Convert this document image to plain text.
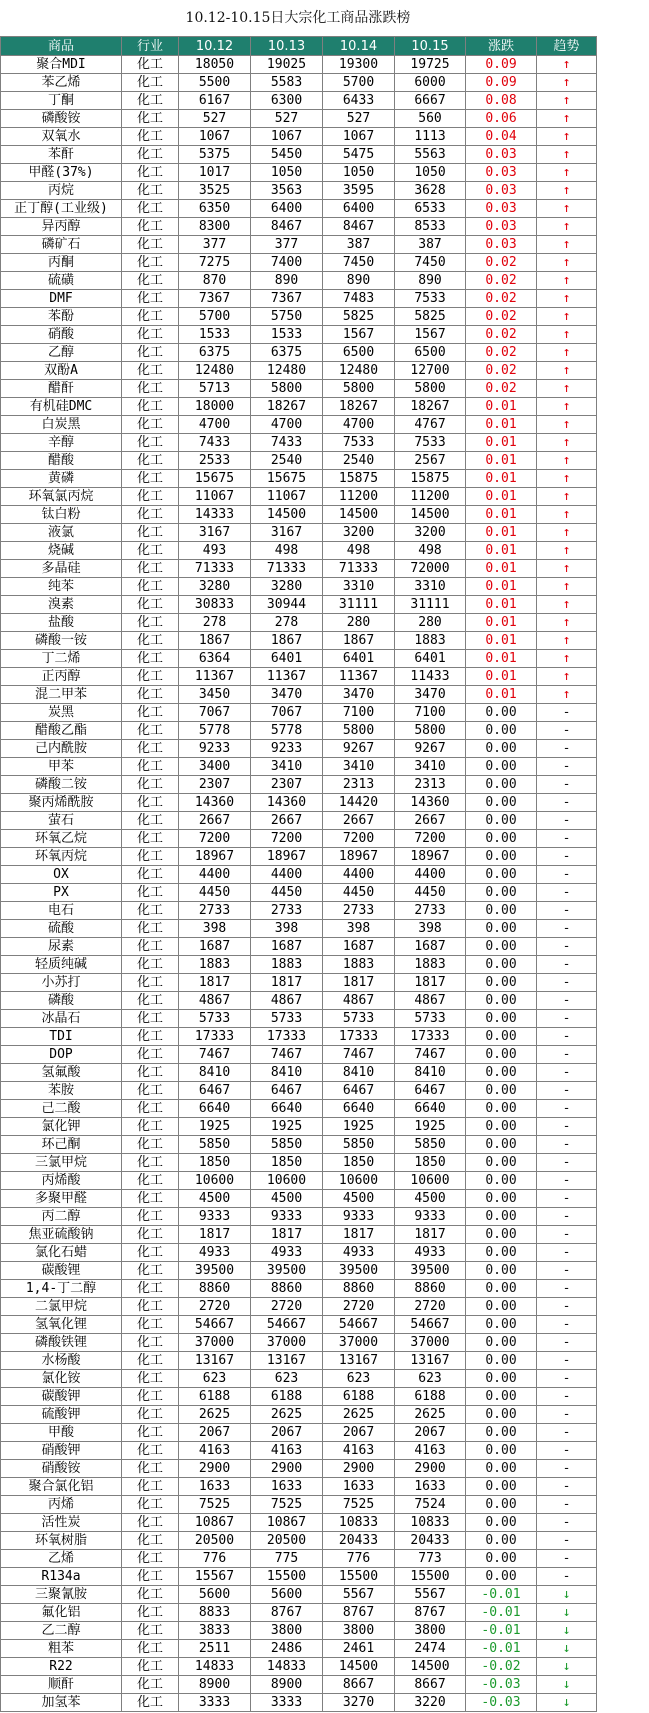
10.12-10.15日大宗化工商品涨跌榜
商品	行业	10.12	10.13	10.14	10.15	涨跌	趋势
聚合MDI	化工	18050	19025	19300	19725	0.09	↑
苯乙烯	化工	5500	5583	5700	6000	0.09	↑
丁酮	化工	6167	6300	6433	6667	0.08	↑
磷酸铵	化工	527	527	527	560	0.06	↑
双氧水	化工	1067	1067	1067	1113	0.04	↑
苯酐	化工	5375	5450	5475	5563	0.03	↑
甲醛(37%)	化工	1017	1050	1050	1050	0.03	↑
丙烷	化工	3525	3563	3595	3628	0.03	↑
正丁醇(工业级)	化工	6350	6400	6400	6533	0.03	↑
异丙醇	化工	8300	8467	8467	8533	0.03	↑
磷矿石	化工	377	377	387	387	0.03	↑
丙酮	化工	7275	7400	7450	7450	0.02	↑
硫磺	化工	870	890	890	890	0.02	↑
DMF	化工	7367	7367	7483	7533	0.02	↑
苯酚	化工	5700	5750	5825	5825	0.02	↑
硝酸	化工	1533	1533	1567	1567	0.02	↑
乙醇	化工	6375	6375	6500	6500	0.02	↑
双酚A	化工	12480	12480	12480	12700	0.02	↑
醋酐	化工	5713	5800	5800	5800	0.02	↑
有机硅DMC	化工	18000	18267	18267	18267	0.01	↑
白炭黑	化工	4700	4700	4700	4767	0.01	↑
辛醇	化工	7433	7433	7533	7533	0.01	↑
醋酸	化工	2533	2540	2540	2567	0.01	↑
黄磷	化工	15675	15675	15875	15875	0.01	↑
环氧氯丙烷	化工	11067	11067	11200	11200	0.01	↑
钛白粉	化工	14333	14500	14500	14500	0.01	↑
液氯	化工	3167	3167	3200	3200	0.01	↑
烧碱	化工	493	498	498	498	0.01	↑
多晶硅	化工	71333	71333	71333	72000	0.01	↑
纯苯	化工	3280	3280	3310	3310	0.01	↑
溴素	化工	30833	30944	31111	31111	0.01	↑
盐酸	化工	278	278	280	280	0.01	↑
磷酸一铵	化工	1867	1867	1867	1883	0.01	↑
丁二烯	化工	6364	6401	6401	6401	0.01	↑
正丙醇	化工	11367	11367	11367	11433	0.01	↑
混二甲苯	化工	3450	3470	3470	3470	0.01	↑
炭黑	化工	7067	7067	7100	7100	0.00	-
醋酸乙酯	化工	5778	5778	5800	5800	0.00	-
己内酰胺	化工	9233	9233	9267	9267	0.00	-
甲苯	化工	3400	3410	3410	3410	0.00	-
磷酸二铵	化工	2307	2307	2313	2313	0.00	-
聚丙烯酰胺	化工	14360	14360	14420	14360	0.00	-
萤石	化工	2667	2667	2667	2667	0.00	-
环氧乙烷	化工	7200	7200	7200	7200	0.00	-
环氧丙烷	化工	18967	18967	18967	18967	0.00	-
OX	化工	4400	4400	4400	4400	0.00	-
PX	化工	4450	4450	4450	4450	0.00	-
电石	化工	2733	2733	2733	2733	0.00	-
硫酸	化工	398	398	398	398	0.00	-
尿素	化工	1687	1687	1687	1687	0.00	-
轻质纯碱	化工	1883	1883	1883	1883	0.00	-
小苏打	化工	1817	1817	1817	1817	0.00	-
磷酸	化工	4867	4867	4867	4867	0.00	-
冰晶石	化工	5733	5733	5733	5733	0.00	-
TDI	化工	17333	17333	17333	17333	0.00	-
DOP	化工	7467	7467	7467	7467	0.00	-
氢氟酸	化工	8410	8410	8410	8410	0.00	-
苯胺	化工	6467	6467	6467	6467	0.00	-
己二酸	化工	6640	6640	6640	6640	0.00	-
氯化钾	化工	1925	1925	1925	1925	0.00	-
环己酮	化工	5850	5850	5850	5850	0.00	-
三氯甲烷	化工	1850	1850	1850	1850	0.00	-
丙烯酸	化工	10600	10600	10600	10600	0.00	-
多聚甲醛	化工	4500	4500	4500	4500	0.00	-
丙二醇	化工	9333	9333	9333	9333	0.00	-
焦亚硫酸钠	化工	1817	1817	1817	1817	0.00	-
氯化石蜡	化工	4933	4933	4933	4933	0.00	-
碳酸锂	化工	39500	39500	39500	39500	0.00	-
1,4-丁二醇	化工	8860	8860	8860	8860	0.00	-
二氯甲烷	化工	2720	2720	2720	2720	0.00	-
氢氧化锂	化工	54667	54667	54667	54667	0.00	-
磷酸铁锂	化工	37000	37000	37000	37000	0.00	-
水杨酸	化工	13167	13167	13167	13167	0.00	-
氯化铵	化工	623	623	623	623	0.00	-
碳酸钾	化工	6188	6188	6188	6188	0.00	-
硫酸钾	化工	2625	2625	2625	2625	0.00	-
甲酸	化工	2067	2067	2067	2067	0.00	-
硝酸钾	化工	4163	4163	4163	4163	0.00	-
硝酸铵	化工	2900	2900	2900	2900	0.00	-
聚合氯化铝	化工	1633	1633	1633	1633	0.00	-
丙烯	化工	7525	7525	7525	7524	0.00	-
活性炭	化工	10867	10867	10833	10833	0.00	-
环氧树脂	化工	20500	20500	20433	20433	0.00	-
乙烯	化工	776	775	776	773	0.00	-
R134a	化工	15567	15500	15500	15500	0.00	-
三聚氰胺	化工	5600	5600	5567	5567	-0.01	↓
氟化铝	化工	8833	8767	8767	8767	-0.01	↓
乙二醇	化工	3833	3800	3800	3800	-0.01	↓
粗苯	化工	2511	2486	2461	2474	-0.01	↓
R22	化工	14833	14833	14500	14500	-0.02	↓
顺酐	化工	8900	8900	8667	8667	-0.03	↓
加氢苯	化工	3333	3333	3270	3220	-0.03	↓
